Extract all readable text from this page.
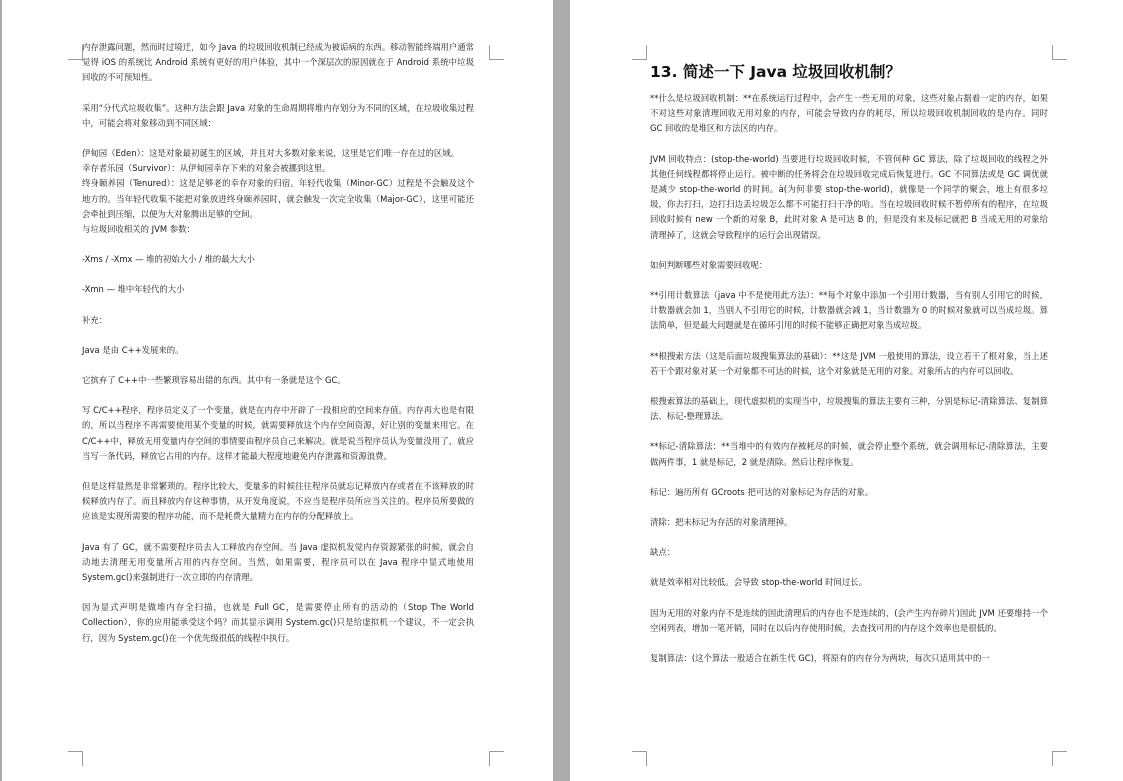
内存泄露问题，然而时过境迁，如今 Java 的垃圾回收机制已经成为被诟病的东西。移动智能终端用户通常觉得 iOS 的系统比 Android 系统有更好的用户体验，其中一个深层次的原因就在于 Android 系统中垃圾回收的不可预知性。

采用“分代式垃圾收集”。这种方法会跟 Java 对象的生命周期将堆内存划分为不同的区域，在垃圾收集过程中，可能会将对象移动到不同区域：

伊甸园（Eden）：这是对象最初诞生的区域，并且对大多数对象来说，这里是它们唯一存在过的区域。

幸存者乐园（Survivor）：从伊甸园幸存下来的对象会被挪到这里。

终身颐养园（Tenured）：这是足够老的幸存对象的归宿。年轻代收集（Minor-GC）过程是不会触及这个地方的。当年轻代收集不能把对象放进终身颐养园时，就会触发一次完全收集（Major-GC），这里可能还会牵扯到压缩，以便为大对象腾出足够的空间。

与垃圾回收相关的 JVM 参数：

-Xms / -Xmx — 堆的初始大小 / 堆的最大大小

-Xmn — 堆中年轻代的大小

补充：

Java 是由 C++发展来的。

它摈弃了 C++中一些繁琐容易出错的东西。其中有一条就是这个 GC。

写 C/C++程序，程序员定义了一个变量，就是在内存中开辟了一段相应的空间来存值。内存再大也是有限的，所以当程序不再需要使用某个变量的时候，就需要释放这个内存空间资源，好让别的变量来用它。在 C/C++中，释放无用变量内存空间的事情要由程序员自己来解决。就是说当程序员认为变量没用了，就应当写一条代码，释放它占用的内存。这样才能最大程度地避免内存泄露和资源浪费。

但是这样显然是非常繁琐的。程序比较大，变量多的时候往往程序员就忘记释放内存或者在不该释放的时候释放内存了。而且释放内存这种事情，从开发角度说，不应当是程序员所应当关注的。程序员所要做的应该是实现所需要的程序功能，而不是耗费大量精力在内存的分配释放上。

Java 有了 GC，就不需要程序员去人工释放内存空间。当 Java 虚拟机发觉内存资源紧张的时候，就会自动地去清理无用变量所占用的内存空间。当然，如果需要，程序员可以在 Java 程序中显式地使用 System.gc()来强制进行一次立即的内存清理。

因为显式声明是做堆内存全扫描，也就是 Full GC，是需要停止所有的活动的（Stop The World Collection），你的应用能承受这个吗？而其显示调用 System.gc()只是给虚拟机一个建议，不一定会执行，因为 System.gc()在一个优先级很低的线程中执行。

13. 简述一下 Java 垃圾回收机制？

**什么是垃圾回收机制：**在系统运行过程中，会产生一些无用的对象，这些对象占据着一定的内存，如果不对这些对象清理回收无用对象的内存，可能会导致内存的耗尽，所以垃圾回收机制回收的是内存。同时 GC 回收的是堆区和方法区的内存。

JVM 回收特点：(stop-the-world) 当要进行垃圾回收时候，不管何种 GC 算法，除了垃圾回收的线程之外其他任何线程都将停止运行。被中断的任务将会在垃圾回收完成后恢复进行。GC 不同算法或是 GC 调优就是减少 stop-the-world 的时间。à(为何非要 stop-the-world)，就像是一个同学的聚会，地上有很多垃圾，你去打扫，边打扫边丢垃圾怎么都不可能打扫干净的哈。当在垃圾回收时候不暂停所有的程序，在垃圾回收时候有 new 一个新的对象 B，此时对象 A 是可达 B 的，但是没有来及标记就把 B 当成无用的对象给清理掉了，这就会导致程序的运行会出现错误。

如何判断哪些对象需要回收呢：

**引用计数算法（java 中不是使用此方法）：**每个对象中添加一个引用计数器，当有别人引用它的时候，计数器就会加 1，当别人不引用它的时候，计数器就会减 1，当计数器为 0 的时候对象就可以当成垃圾。算法简单，但是最大问题就是在循环引用的时候不能够正确把对象当成垃圾。

**根搜索方法（这是后面垃圾搜集算法的基础）：**这是 JVM 一般使用的算法，设立若干了根对象，当上述若干个跟对象对某一个对象都不可达的时候，这个对象就是无用的对象。对象所占的内存可以回收。

根搜索算法的基础上，现代虚拟机的实现当中，垃圾搜集的算法主要有三种，分别是标记-清除算法、复制算法、标记-整理算法。

**标记-清除算法：**当堆中的有效内存被耗尽的时候，就会停止整个系统，就会调用标记-清除算法，主要做两件事，1 就是标记，2 就是清除。然后让程序恢复。

标记：遍历所有 GCroots 把可达的对象标记为存活的对象。

清除：把未标记为存活的对象清理掉。

缺点：

就是效率相对比较低。会导致 stop-the-world 时间过长。

因为无用的对象内存不是连续的因此清理后的内存也不是连续的，(会产生内存碎片)因此 JVM 还要维持一个空闲列表，增加一笔开销，同时在以后内存使用时候，去查找可用的内存这个效率也是很低的。

复制算法：(这个算法一般适合在新生代 GC)，将原有的内存分为两块，每次只适用其中的一
